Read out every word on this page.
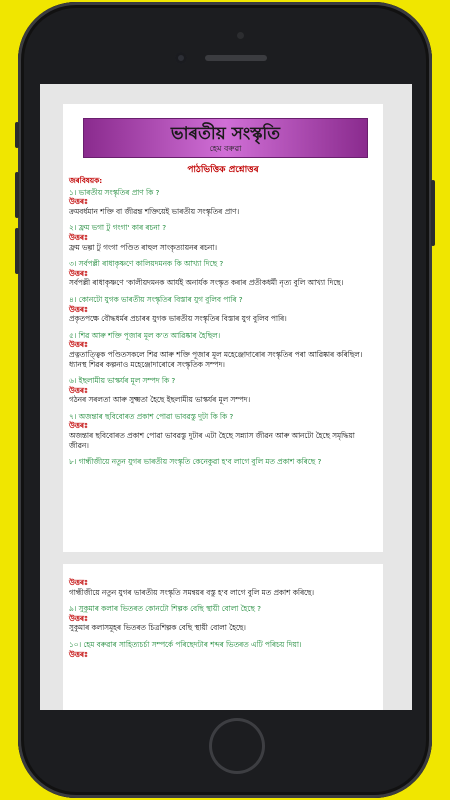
ভাৰতীয় সংস্কৃতি
হেম বৰুৱা
পাঠভিত্তিক প্ৰশ্নোত্তৰ
জৰবিষয়ক:
১। ভাৰতীয় সংস্কৃতিৰ প্ৰাণ কি ?
উত্তৰঃ
ক্ৰমবৰ্ধমান শক্তি বা জীৱন্ত শক্তিয়েই ভাৰতীয় সংস্কৃতিৰ প্ৰাণ।
২। ফ্ৰম ভগা টু গংগা' কাৰ ৰচনা ?
উত্তৰঃ
ফ্ৰম ভল্গা টু গংগা পণ্ডিত ৰাহুল সাংকৃত্যায়নৰ ৰচনা।
৩। সৰ্বপল্লী ৰাধাকৃষ্ণণে কালিয়দমনক কি আখ্যা দিছে ?
উত্তৰঃ
সৰ্বপল্লী ৰাধাকৃষ্ণণে 'কালীয়দমনক আৰ্যই অনাৰ্যক সংস্কৃত কৰাৰ প্ৰতীকধৰ্মী নৃত্য বুলি আখ্যা দিছে।
৪। কোনটো যুগক ভাৰতীয় সংস্কৃতিৰ বিস্তাৰ যুগ বুলিব পাৰি ?
উত্তৰঃ
প্ৰকৃতপক্ষে বৌদ্ধধৰ্মৰ প্ৰচাৰৰ যুগক ভাৰতীয় সংস্কৃতিৰ বিস্তাৰ যুগ বুলিব পাৰি।
৫। শিৱ আৰু শক্তি পূজাৰ মূল ক'ত আৱিষ্কাৰ হৈছিল।
উত্তৰঃ
প্ৰত্নতাত্ত্বিক পণ্ডিতসকলে শিৱ আৰু শক্তি পূজাৰ মূল মহেঞ্জোদাৰোৰ সংস্কৃতিৰ পৰা আৱিষ্কাৰ কৰিছিল। ধ্যানস্থ শিৱৰ কল্পনাও মহেঞ্জোদাৰোৰে সংস্কৃতিক সম্পদ।
৬। ইছলামীয় ভাস্কৰ্যৰ মূল সম্পদ কি ?
উত্তৰঃ
গঠনৰ সৰলতা আৰু সুক্ষ্মতা হৈছে ইছলামীয় ভাস্কৰ্যৰ মূল সম্পদ।
৭। অজন্তাৰ ছবিবোৰত প্ৰকাশ পোৱা ভাবৱস্তু দুটা কি কি ?
উত্তৰঃ
অজন্তাৰ ছবিবোৰত প্ৰকাশ পোৱা ভাবৱস্তু দুটাৰ এটা হৈছে সন্ন্যাস জীৱন আৰু আনটো হৈছে সমৃদ্ধিয়া জীৱন।
৮। গান্ধীজীয়ে নতুন যুগৰ ভাৰতীয় সংস্কৃতি কেনেকুৱা হ'ব লাগে বুলি মত প্ৰকাশ কৰিছে ?
উত্তৰঃ
গান্ধীজীয়ে নতুন যুগৰ ভাৰতীয় সংস্কৃতি সমন্বয়ৰ বস্তু হ'ব লাগে বুলি মত প্ৰকাশ কৰিছে।
৯। সুকুমাৰ কলাৰ ভিতৰত কোনটো শিল্পক বেছি স্থায়ী বোলা হৈছে ?
উত্তৰঃ
সুকুমাৰ কলাসমূহৰ ভিতৰত চিত্ৰশিল্পক বেছি স্থায়ী বোলা হৈছে।
১০। হেম বৰুৱাৰ সাহিত্যচৰ্চা সম্পৰ্কে পৰিছেদটাৰ শব্দৰ ভিতৰত এটি পৰিচয় দিয়া।
উত্তৰঃ
